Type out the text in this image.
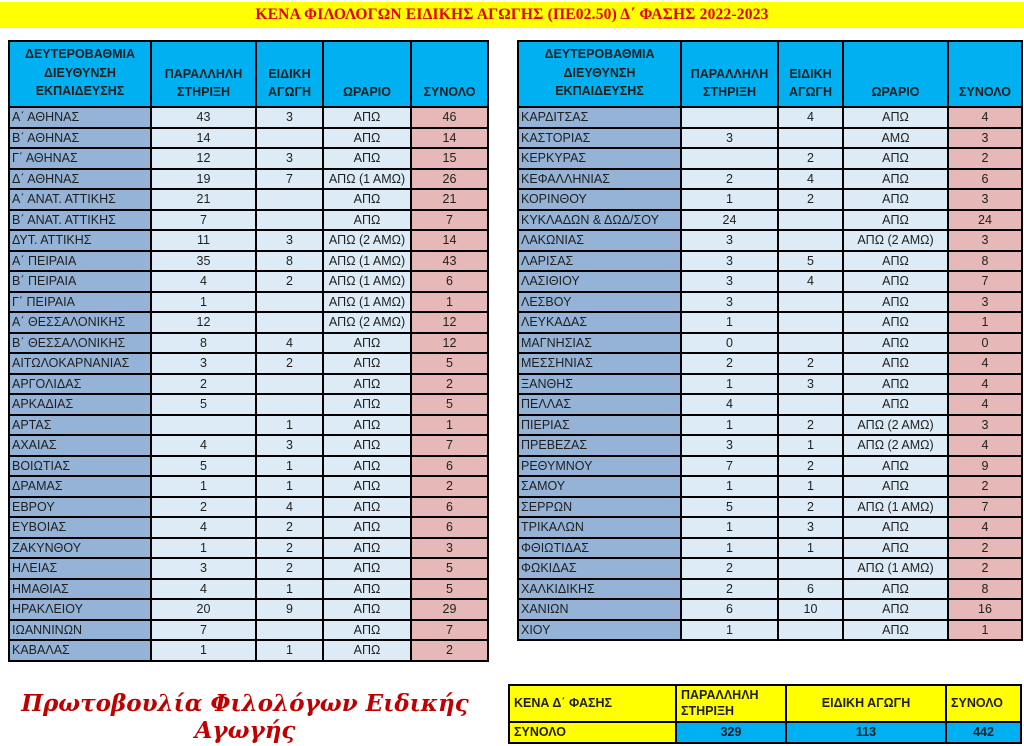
ΚΕΝΑ ΦΙΛΟΛΟΓΩΝ ΕΙΔΙΚΗΣ ΑΓΩΓΗΣ (ΠΕ02.50) Δ΄ ΦΑΣΗΣ 2022-2023
ΔΕΥΤΕΡΟΒΑΘΜΙΑ ΔΙΕΥΘΥΝΣΗ ΕΚΠΑΙΔΕΥΣΗΣ	ΠΑΡΑΛΛΗΛΗ ΣΤΗΡΙΞΗ	ΕΙΔΙΚΗ ΑΓΩΓΗ	ΩΡΑΡΙΟ	ΣΥΝΟΛΟ
Α΄ ΑΘΗΝΑΣ	43	3	ΑΠΩ	46
Β΄ ΑΘΗΝΑΣ	14		ΑΠΩ	14
Γ΄ ΑΘΗΝΑΣ	12	3	ΑΠΩ	15
Δ΄ ΑΘΗΝΑΣ	19	7	ΑΠΩ (1 ΑΜΩ)	26
Α΄ ΑΝΑΤ. ΑΤΤΙΚΗΣ	21		ΑΠΩ	21
Β΄ ΑΝΑΤ. ΑΤΤΙΚΗΣ	7		ΑΠΩ	7
ΔΥΤ. ΑΤΤΙΚΗΣ	11	3	ΑΠΩ (2 ΑΜΩ)	14
Α΄ ΠΕΙΡΑΙΑ	35	8	ΑΠΩ (1 ΑΜΩ)	43
Β΄ ΠΕΙΡΑΙΑ	4	2	ΑΠΩ (1 ΑΜΩ)	6
Γ΄ ΠΕΙΡΑΙΑ	1		ΑΠΩ (1 ΑΜΩ)	1
Α΄ ΘΕΣΣΑΛΟΝΙΚΗΣ	12		ΑΠΩ (2 ΑΜΩ)	12
Β΄ ΘΕΣΣΑΛΟΝΙΚΗΣ	8	4	ΑΠΩ	12
ΑΙΤΩΛΟΚΑΡΝΑΝΙΑΣ	3	2	ΑΠΩ	5
ΑΡΓΟΛΙΔΑΣ	2		ΑΠΩ	2
ΑΡΚΑΔΙΑΣ	5		ΑΠΩ	5
ΑΡΤΑΣ		1	ΑΠΩ	1
ΑΧΑΙΑΣ	4	3	ΑΠΩ	7
ΒΟΙΩΤΙΑΣ	5	1	ΑΠΩ	6
ΔΡΑΜΑΣ	1	1	ΑΠΩ	2
ΕΒΡΟΥ	2	4	ΑΠΩ	6
ΕΥΒΟΙΑΣ	4	2	ΑΠΩ	6
ΖΑΚΥΝΘΟΥ	1	2	ΑΠΩ	3
ΗΛΕΙΑΣ	3	2	ΑΠΩ	5
ΗΜΑΘΙΑΣ	4	1	ΑΠΩ	5
ΗΡΑΚΛΕΙΟΥ	20	9	ΑΠΩ	29
ΙΩΑΝΝΙΝΩΝ	7		ΑΠΩ	7
ΚΑΒΑΛΑΣ	1	1	ΑΠΩ	2
ΔΕΥΤΕΡΟΒΑΘΜΙΑ ΔΙΕΥΘΥΝΣΗ ΕΚΠΑΙΔΕΥΣΗΣ	ΠΑΡΑΛΛΗΛΗ ΣΤΗΡΙΞΗ	ΕΙΔΙΚΗ ΑΓΩΓΗ	ΩΡΑΡΙΟ	ΣΥΝΟΛΟ
ΚΑΡΔΙΤΣΑΣ		4	ΑΠΩ	4
ΚΑΣΤΟΡΙΑΣ	3		ΑΜΩ	3
ΚΕΡΚΥΡΑΣ		2	ΑΠΩ	2
ΚΕΦΑΛΛΗΝΙΑΣ	2	4	ΑΠΩ	6
ΚΟΡΙΝΘΟΥ	1	2	ΑΠΩ	3
ΚΥΚΛΑΔΩΝ & ΔΩΔ/ΣΟΥ	24		ΑΠΩ	24
ΛΑΚΩΝΙΑΣ	3		ΑΠΩ (2 ΑΜΩ)	3
ΛΑΡΙΣΑΣ	3	5	ΑΠΩ	8
ΛΑΣΙΘΙΟΥ	3	4	ΑΠΩ	7
ΛΕΣΒΟΥ	3		ΑΠΩ	3
ΛΕΥΚΑΔΑΣ	1		ΑΠΩ	1
ΜΑΓΝΗΣΙΑΣ	0		ΑΠΩ	0
ΜΕΣΣΗΝΙΑΣ	2	2	ΑΠΩ	4
ΞΑΝΘΗΣ	1	3	ΑΠΩ	4
ΠΕΛΛΑΣ	4		ΑΠΩ	4
ΠΙΕΡΙΑΣ	1	2	ΑΠΩ (2 ΑΜΩ)	3
ΠΡΕΒΕΖΑΣ	3	1	ΑΠΩ (2 ΑΜΩ)	4
ΡΕΘΥΜΝΟΥ	7	2	ΑΠΩ	9
ΣΑΜΟΥ	1	1	ΑΠΩ	2
ΣΕΡΡΩΝ	5	2	ΑΠΩ (1 ΑΜΩ)	7
ΤΡΙΚΑΛΩΝ	1	3	ΑΠΩ	4
ΦΘΙΩΤΙΔΑΣ	1	1	ΑΠΩ	2
ΦΩΚΙΔΑΣ	2		ΑΠΩ (1 ΑΜΩ)	2
ΧΑΛΚΙΔΙΚΗΣ	2	6	ΑΠΩ	8
ΧΑΝΙΩΝ	6	10	ΑΠΩ	16
ΧΙΟΥ	1		ΑΠΩ	1
Πρωτοβουλία Φιλολόγων Ειδικής Αγωγής
ΚΕΝΑ Δ΄ ΦΑΣΗΣ	ΠΑΡΑΛΛΗΛΗ ΣΤΗΡΙΞΗ	ΕΙΔΙΚΗ ΑΓΩΓΗ	ΣΥΝΟΛΟ
ΣΥΝΟΛΟ	329	113	442
